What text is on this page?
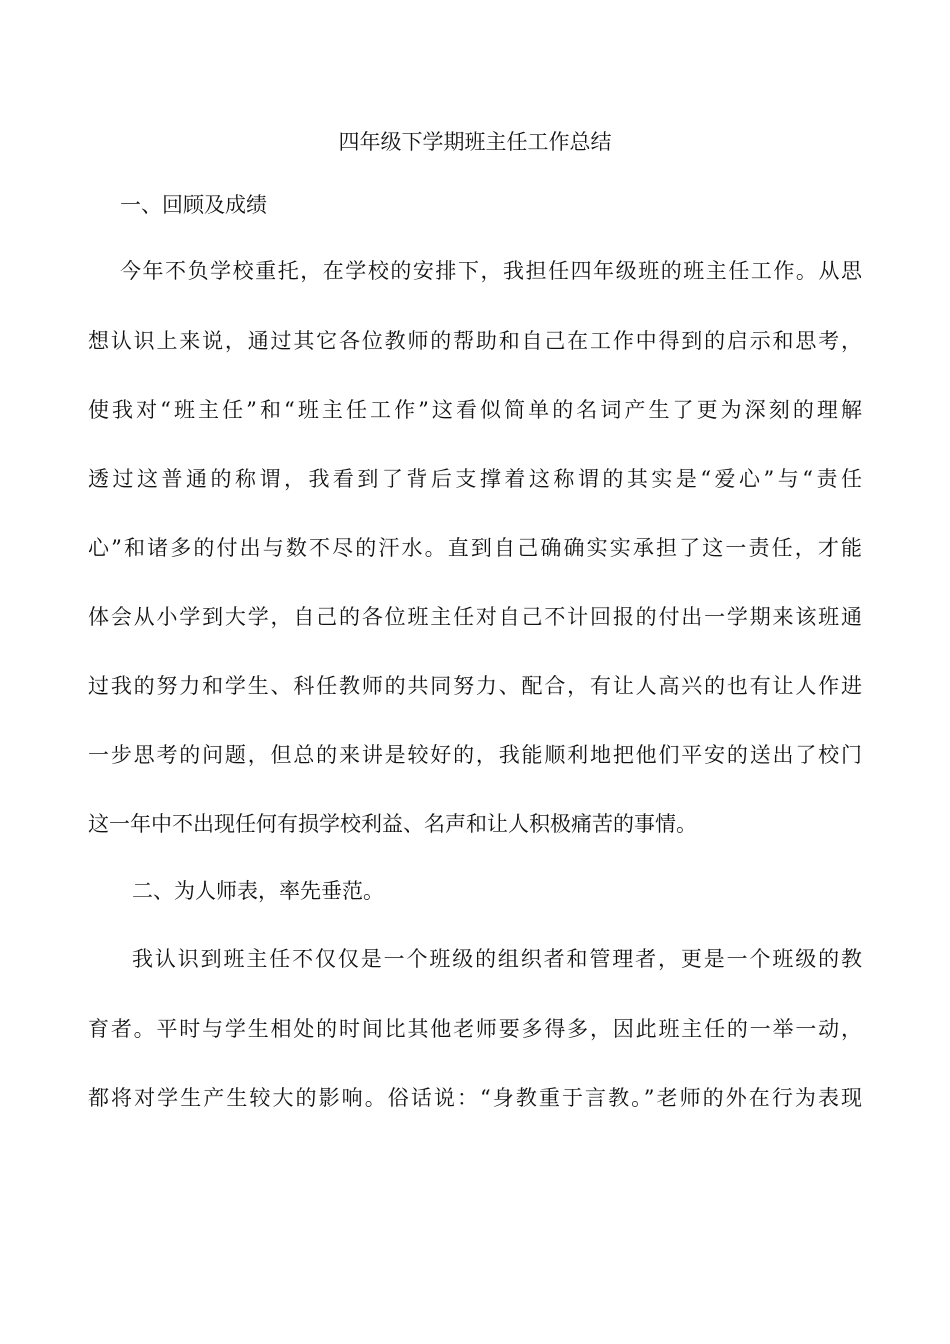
四年级下学期班主任工作总结

一、回顾及成绩

今年不负学校重托，在学校的安排下，我担任四年级班的班主任工作。从思

想认识上来说，通过其它各位教师的帮助和自己在工作中得到的启示和思考，

使我对“班主任”和“班主任工作”这看似简单的名词产生了更为深刻的理解

透过这普通的称谓，我看到了背后支撑着这称谓的其实是“爱心”与“责任

心”和诸多的付出与数不尽的汗水。直到自己确确实实承担了这一责任，才能

体会从小学到大学，自己的各位班主任对自己不计回报的付出一学期来该班通

过我的努力和学生、科任教师的共同努力、配合，有让人高兴的也有让人作进

一步思考的问题，但总的来讲是较好的，我能顺利地把他们平安的送出了校门

这一年中不出现任何有损学校利益、名声和让人积极痛苦的事情。

二、为人师表，率先垂范。

我认识到班主任不仅仅是一个班级的组织者和管理者，更是一个班级的教

育者。平时与学生相处的时间比其他老师要多得多，因此班主任的一举一动，

都将对学生产生较大的影响。俗话说：“身教重于言教。”老师的外在行为表现
